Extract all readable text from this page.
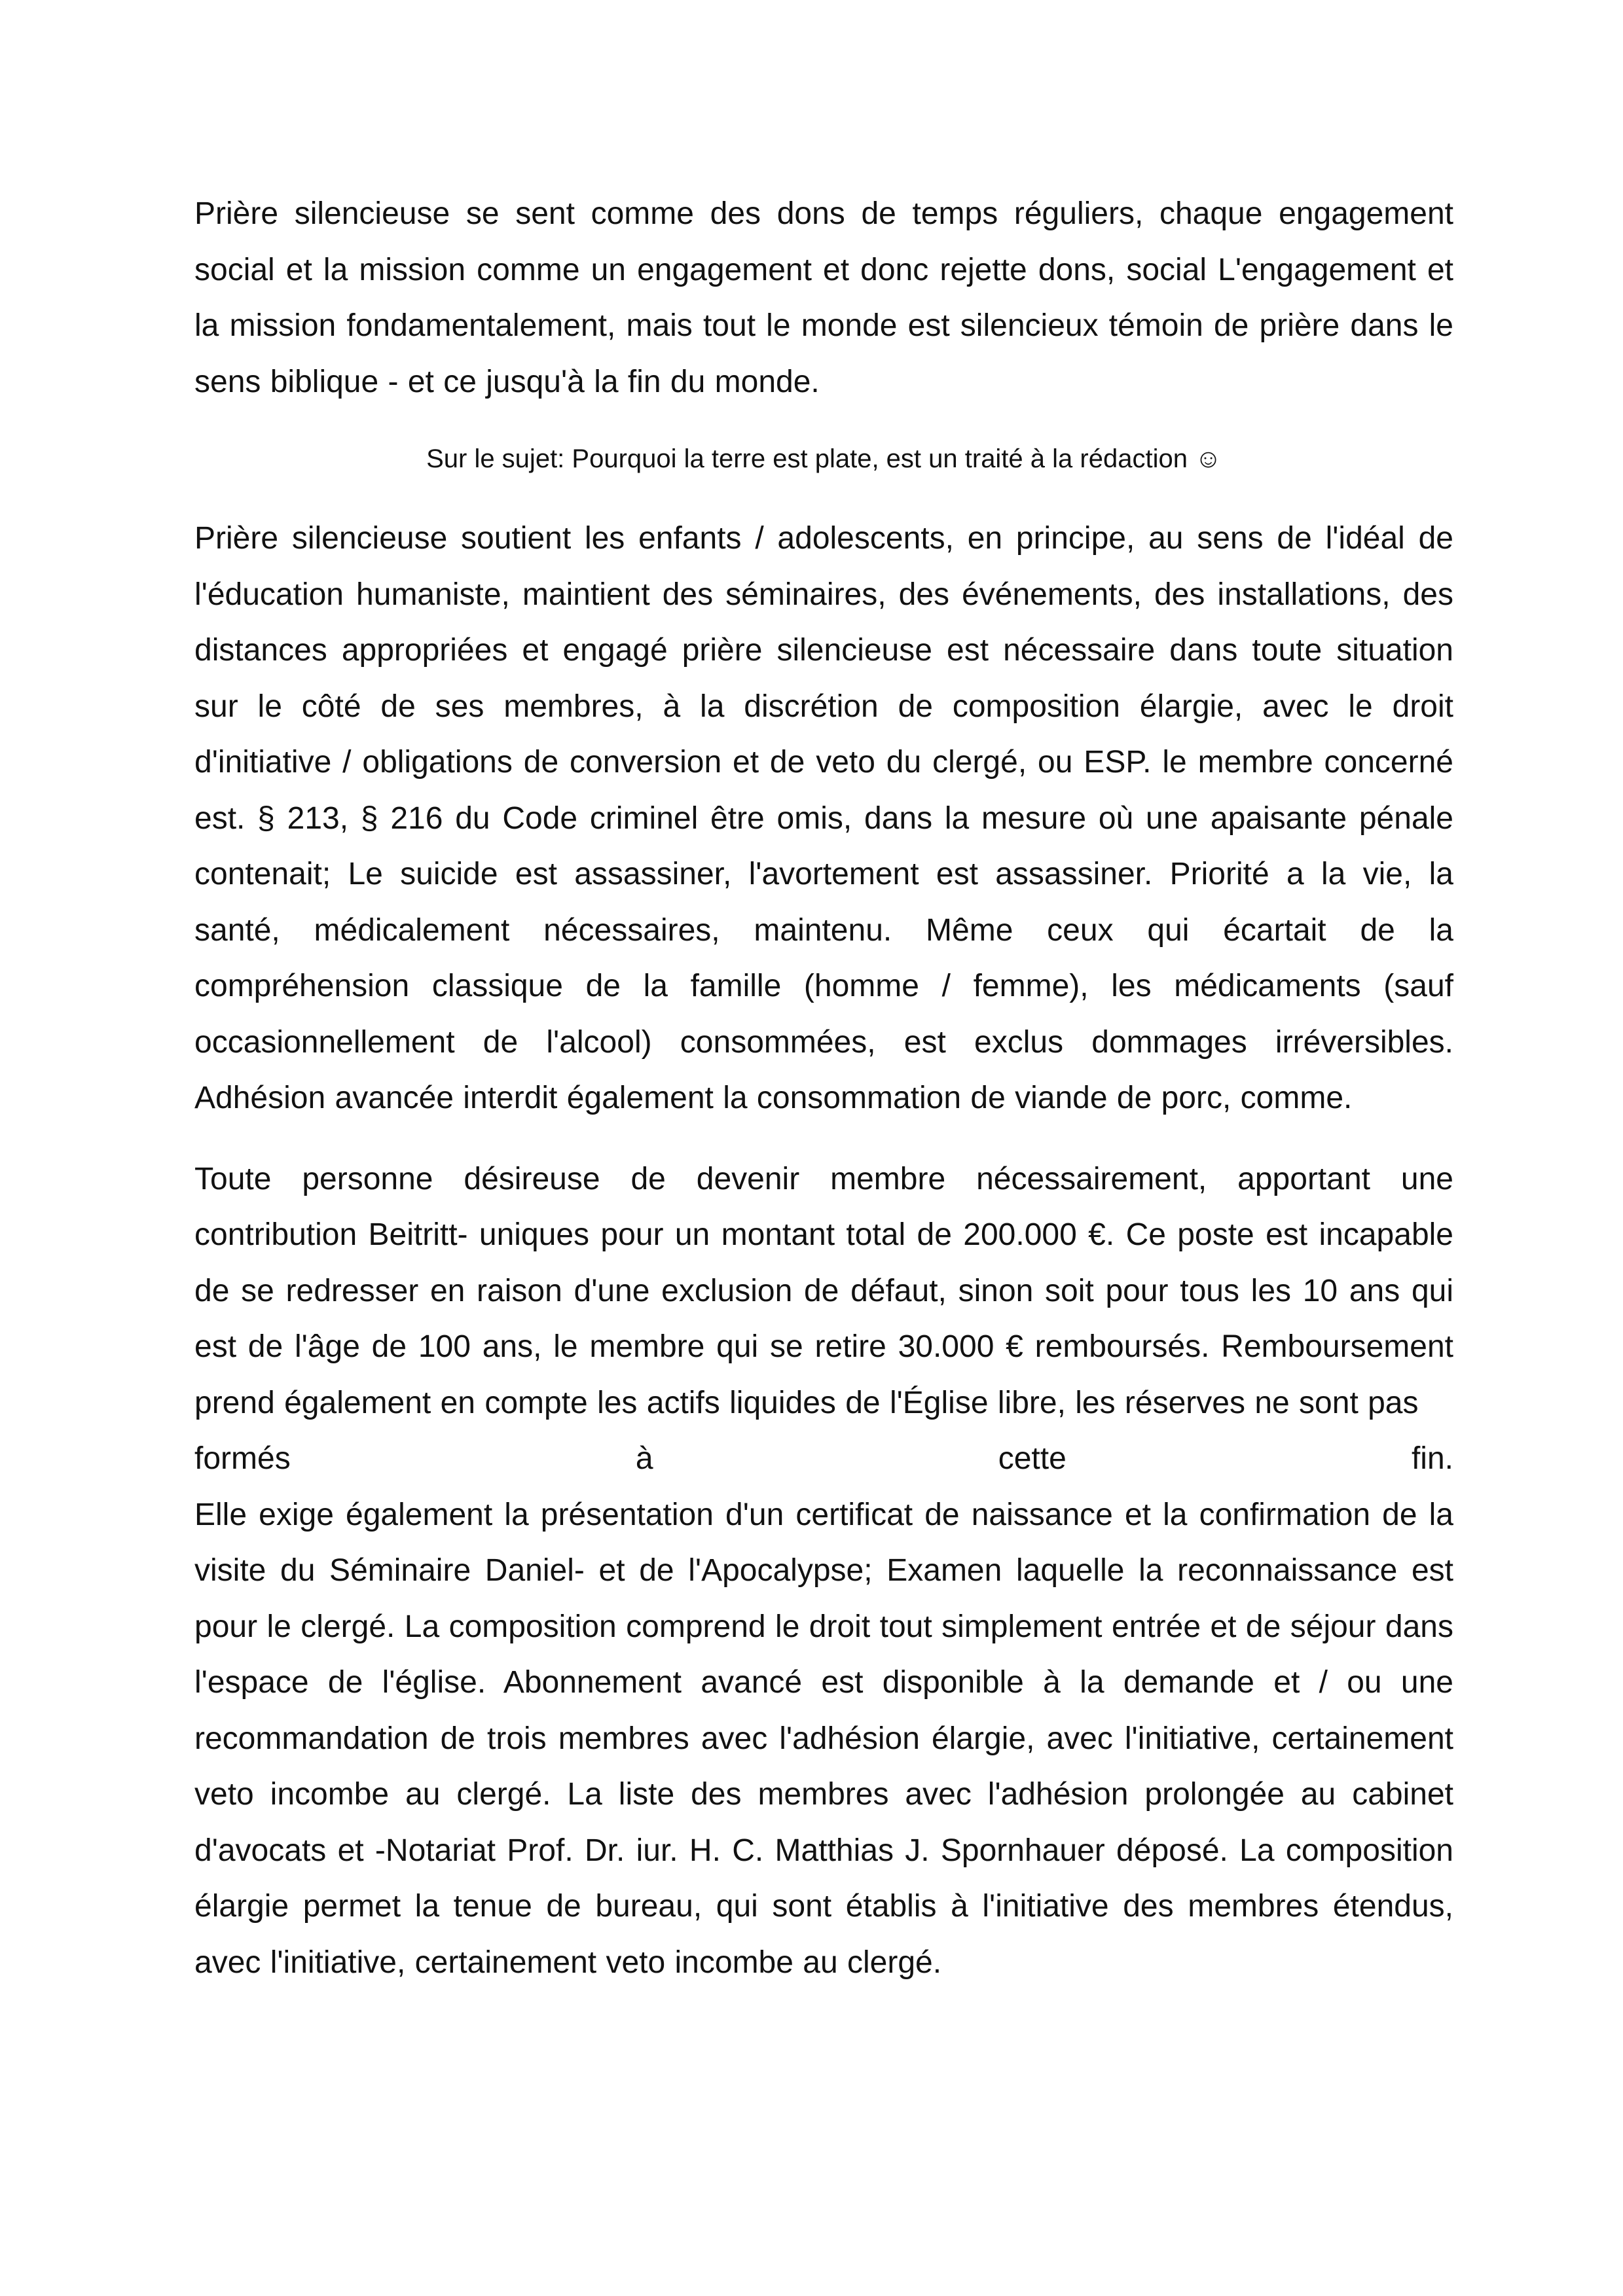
Prière silencieuse se sent comme des dons de temps réguliers, chaque engagement social et la mission comme un engagement et donc rejette dons, social L'engagement et la mission fondamentalement, mais tout le monde est silencieux témoin de prière dans le sens biblique - et ce jusqu'à la fin du monde.

Sur le sujet: Pourquoi la terre est plate, est un traité à la rédaction ☺

Prière silencieuse soutient les enfants / adolescents, en principe, au sens de l'idéal de l'éducation humaniste, maintient des séminaires, des événements, des installations, des distances appropriées et engagé prière silencieuse est nécessaire dans toute situation sur le côté de ses membres, à la discrétion de composition élargie, avec le droit d'initiative / obligations de conversion et de veto du clergé, ou ESP. le membre concerné est. § 213, § 216 du Code criminel être omis, dans la mesure où une apaisante pénale contenait; Le suicide est assassiner, l'avortement est assassiner. Priorité a la vie, la santé, médicalement nécessaires, maintenu. Même ceux qui écartait de la compréhension classique de la famille (homme / femme), les médicaments (sauf occasionnellement de l'alcool) consommées, est exclus dommages irréversibles. Adhésion avancée interdit également la consommation de viande de porc, comme.

Toute personne désireuse de devenir membre nécessairement, apportant une contribution Beitritt- uniques pour un montant total de 200.000 €. Ce poste est incapable de se redresser en raison d'une exclusion de défaut, sinon soit pour tous les 10 ans qui est de l'âge de 100 ans, le membre qui se retire 30.000 € remboursés. Remboursement prend également en compte les actifs liquides de l'Église libre, les réserves ne sont pas

formés	à	cette	fin.

Elle exige également la présentation d'un certificat de naissance et la confirmation de la visite du Séminaire Daniel- et de l'Apocalypse; Examen laquelle la reconnaissance est pour le clergé. La composition comprend le droit tout simplement entrée et de séjour dans l'espace de l'église. Abonnement avancé est disponible à la demande et / ou une recommandation de trois membres avec l'adhésion élargie, avec l'initiative, certainement veto incombe au clergé. La liste des membres avec l'adhésion prolongée au cabinet d'avocats et -Notariat Prof. Dr. iur. H. C. Matthias J. Spornhauer déposé. La composition élargie permet la tenue de bureau, qui sont établis à l'initiative des membres étendus, avec l'initiative, certainement veto incombe au clergé.
